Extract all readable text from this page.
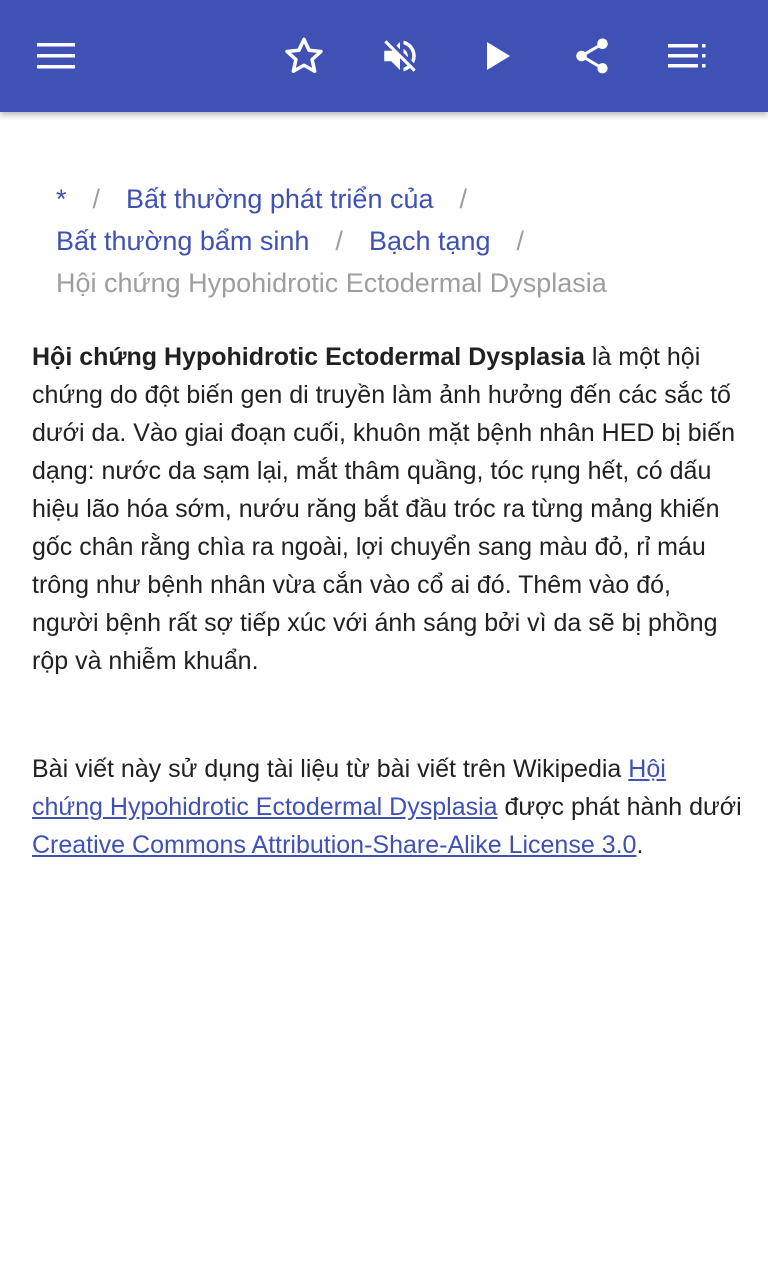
* / Bất thường phát triển của /
Bất thường bẩm sinh / Bạch tạng /
Hội chứng Hypohidrotic Ectodermal Dysplasia

Hội chứng Hypohidrotic Ectodermal Dysplasia là một hội chứng do đột biến gen di truyền làm ảnh hưởng đến các sắc tố dưới da. Vào giai đoạn cuối, khuôn mặt bệnh nhân HED bị biến dạng: nước da sạm lại, mắt thâm quầng, tóc rụng hết, có dấu hiệu lão hóa sớm, nướu răng bắt đầu tróc ra từng mảng khiến gốc chân rằng chìa ra ngoài, lợi chuyển sang màu đỏ, rỉ máu trông như bệnh nhân vừa cắn vào cổ ai đó. Thêm vào đó, người bệnh rất sợ tiếp xúc với ánh sáng bởi vì da sẽ bị phồng rộp và nhiễm khuẩn.

Bài viết này sử dụng tài liệu từ bài viết trên Wikipedia Hội chứng Hypohidrotic Ectodermal Dysplasia được phát hành dưới Creative Commons Attribution-Share-Alike License 3.0.
